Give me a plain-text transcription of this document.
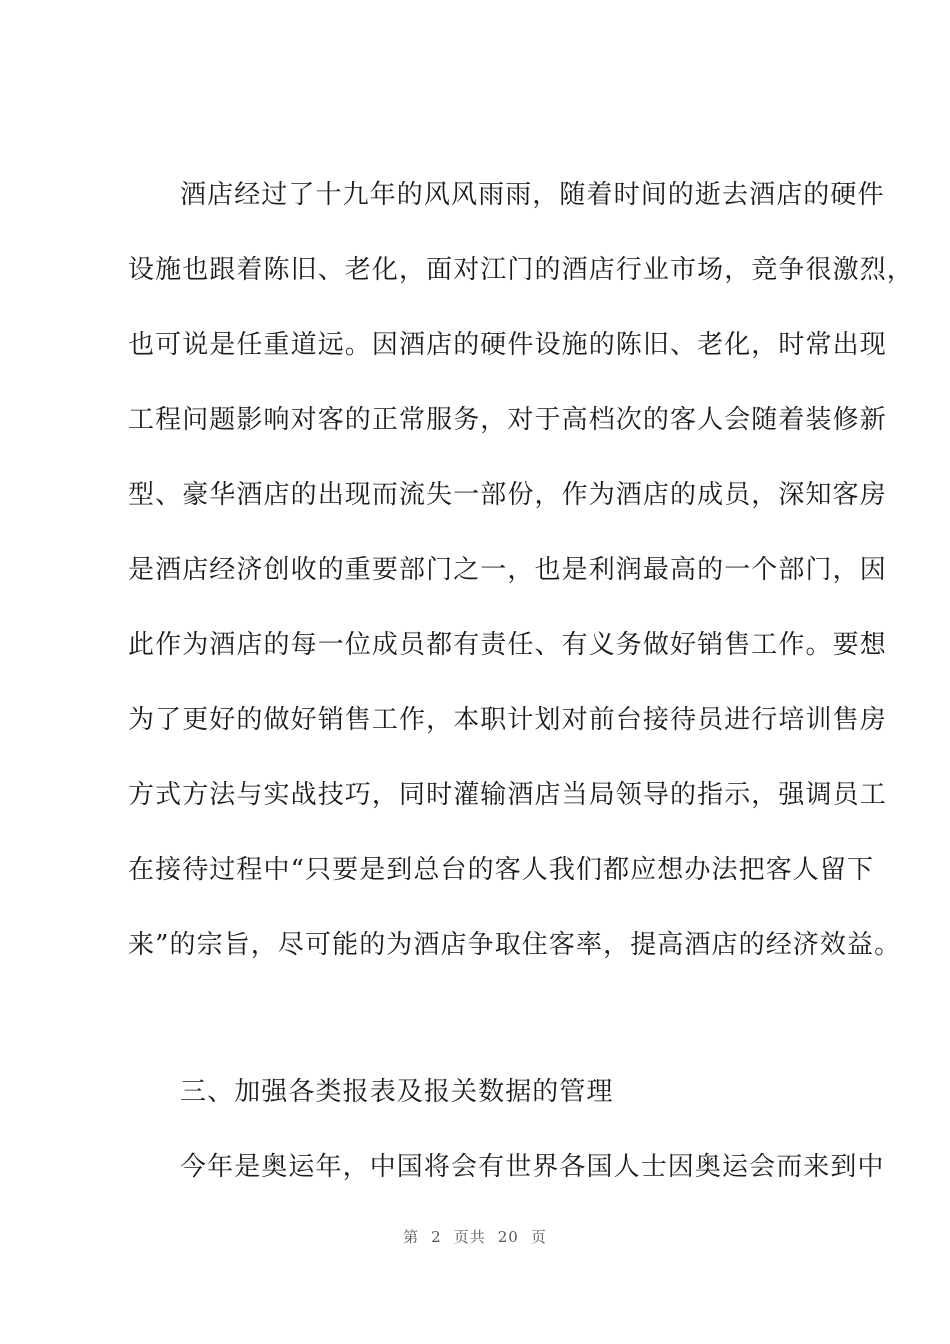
酒店经过了十九年的风风雨雨，随着时间的逝去酒店的硬件
设施也跟着陈旧、老化，面对江门的酒店行业市场，竞争很激烈，
也可说是任重道远。因酒店的硬件设施的陈旧、老化，时常出现
工程问题影响对客的正常服务，对于高档次的客人会随着装修新
型、豪华酒店的出现而流失一部份，作为酒店的成员，深知客房
是酒店经济创收的重要部门之一，也是利润最高的一个部门，因
此作为酒店的每一位成员都有责任、有义务做好销售工作。要想
为了更好的做好销售工作，本职计划对前台接待员进行培训售房
方式方法与实战技巧，同时灌输酒店当局领导的指示，强调员工
在接待过程中“只要是到总台的客人我们都应想办法把客人留下
来”的宗旨，尽可能的为酒店争取住客率，提高酒店的经济效益。
三、加强各类报表及报关数据的管理
今年是奥运年，中国将会有世界各国人士因奥运会而来到中
第 2 页共 20 页
